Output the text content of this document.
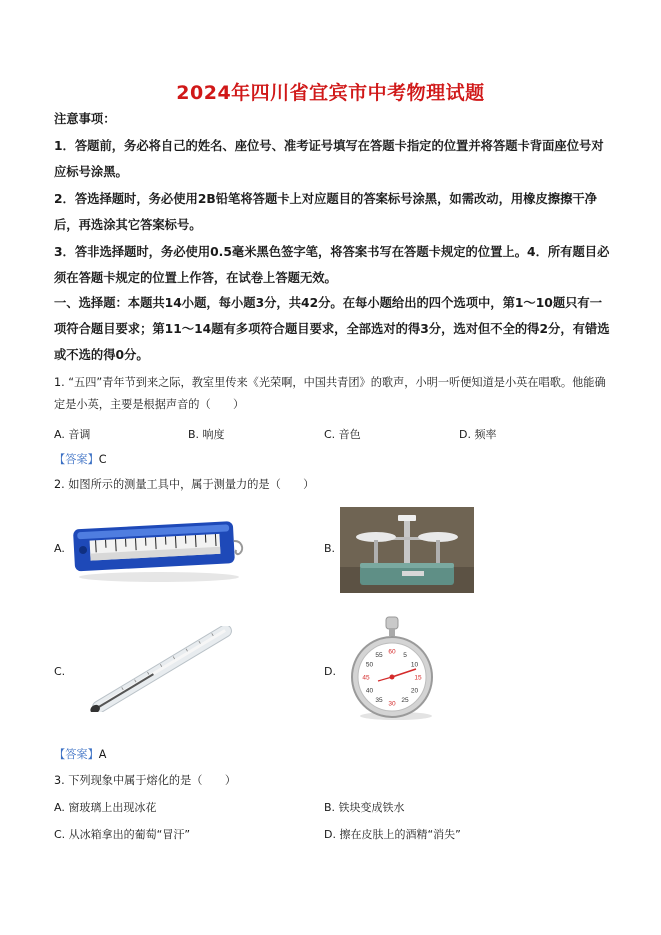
2024年四川省宜宾市中考物理试题
注意事项：
1．答题前，务必将自己的姓名、座位号、准考证号填写在答题卡指定的位置并将答题卡背面座位号对应标号涂黑。
2．答选择题时，务必使用2B铅笔将答题卡上对应题目的答案标号涂黑，如需改动，用橡皮擦擦干净后，再选涂其它答案标号。
3．答非选择题时，务必使用0.5毫米黑色签字笔，将答案书写在答题卡规定的位置上。4．所有题目必须在答题卡规定的位置上作答，在试卷上答题无效。
一、选择题：本题共14小题，每小题3分，共42分。在每小题给出的四个选项中，第1～10题只有一项符合题目要求；第11～14题有多项符合题目要求，全部选对的得3分，选对但不全的得2分，有错选或不选的得0分。
1. “五四”青年节到来之际，教室里传来《光荣啊，中国共青团》的歌声，小明一听便知道是小英在唱歌。他能确定是小英，主要是根据声音的（　　）
A. 音调	B. 响度	C. 音色	D. 频率
【答案】C
2. 如图所示的测量工具中，属于测量力的是（　　）
A.	B.
C.	D.
60 5
10
15
20
25
30
35
40
45
50
55
【答案】A
3. 下列现象中属于熔化的是（　　）
A. 窗玻璃上出现冰花	B. 铁块变成铁水
C. 从冰箱拿出的葡萄“冒汗”	D. 擦在皮肤上的酒精“消失”
